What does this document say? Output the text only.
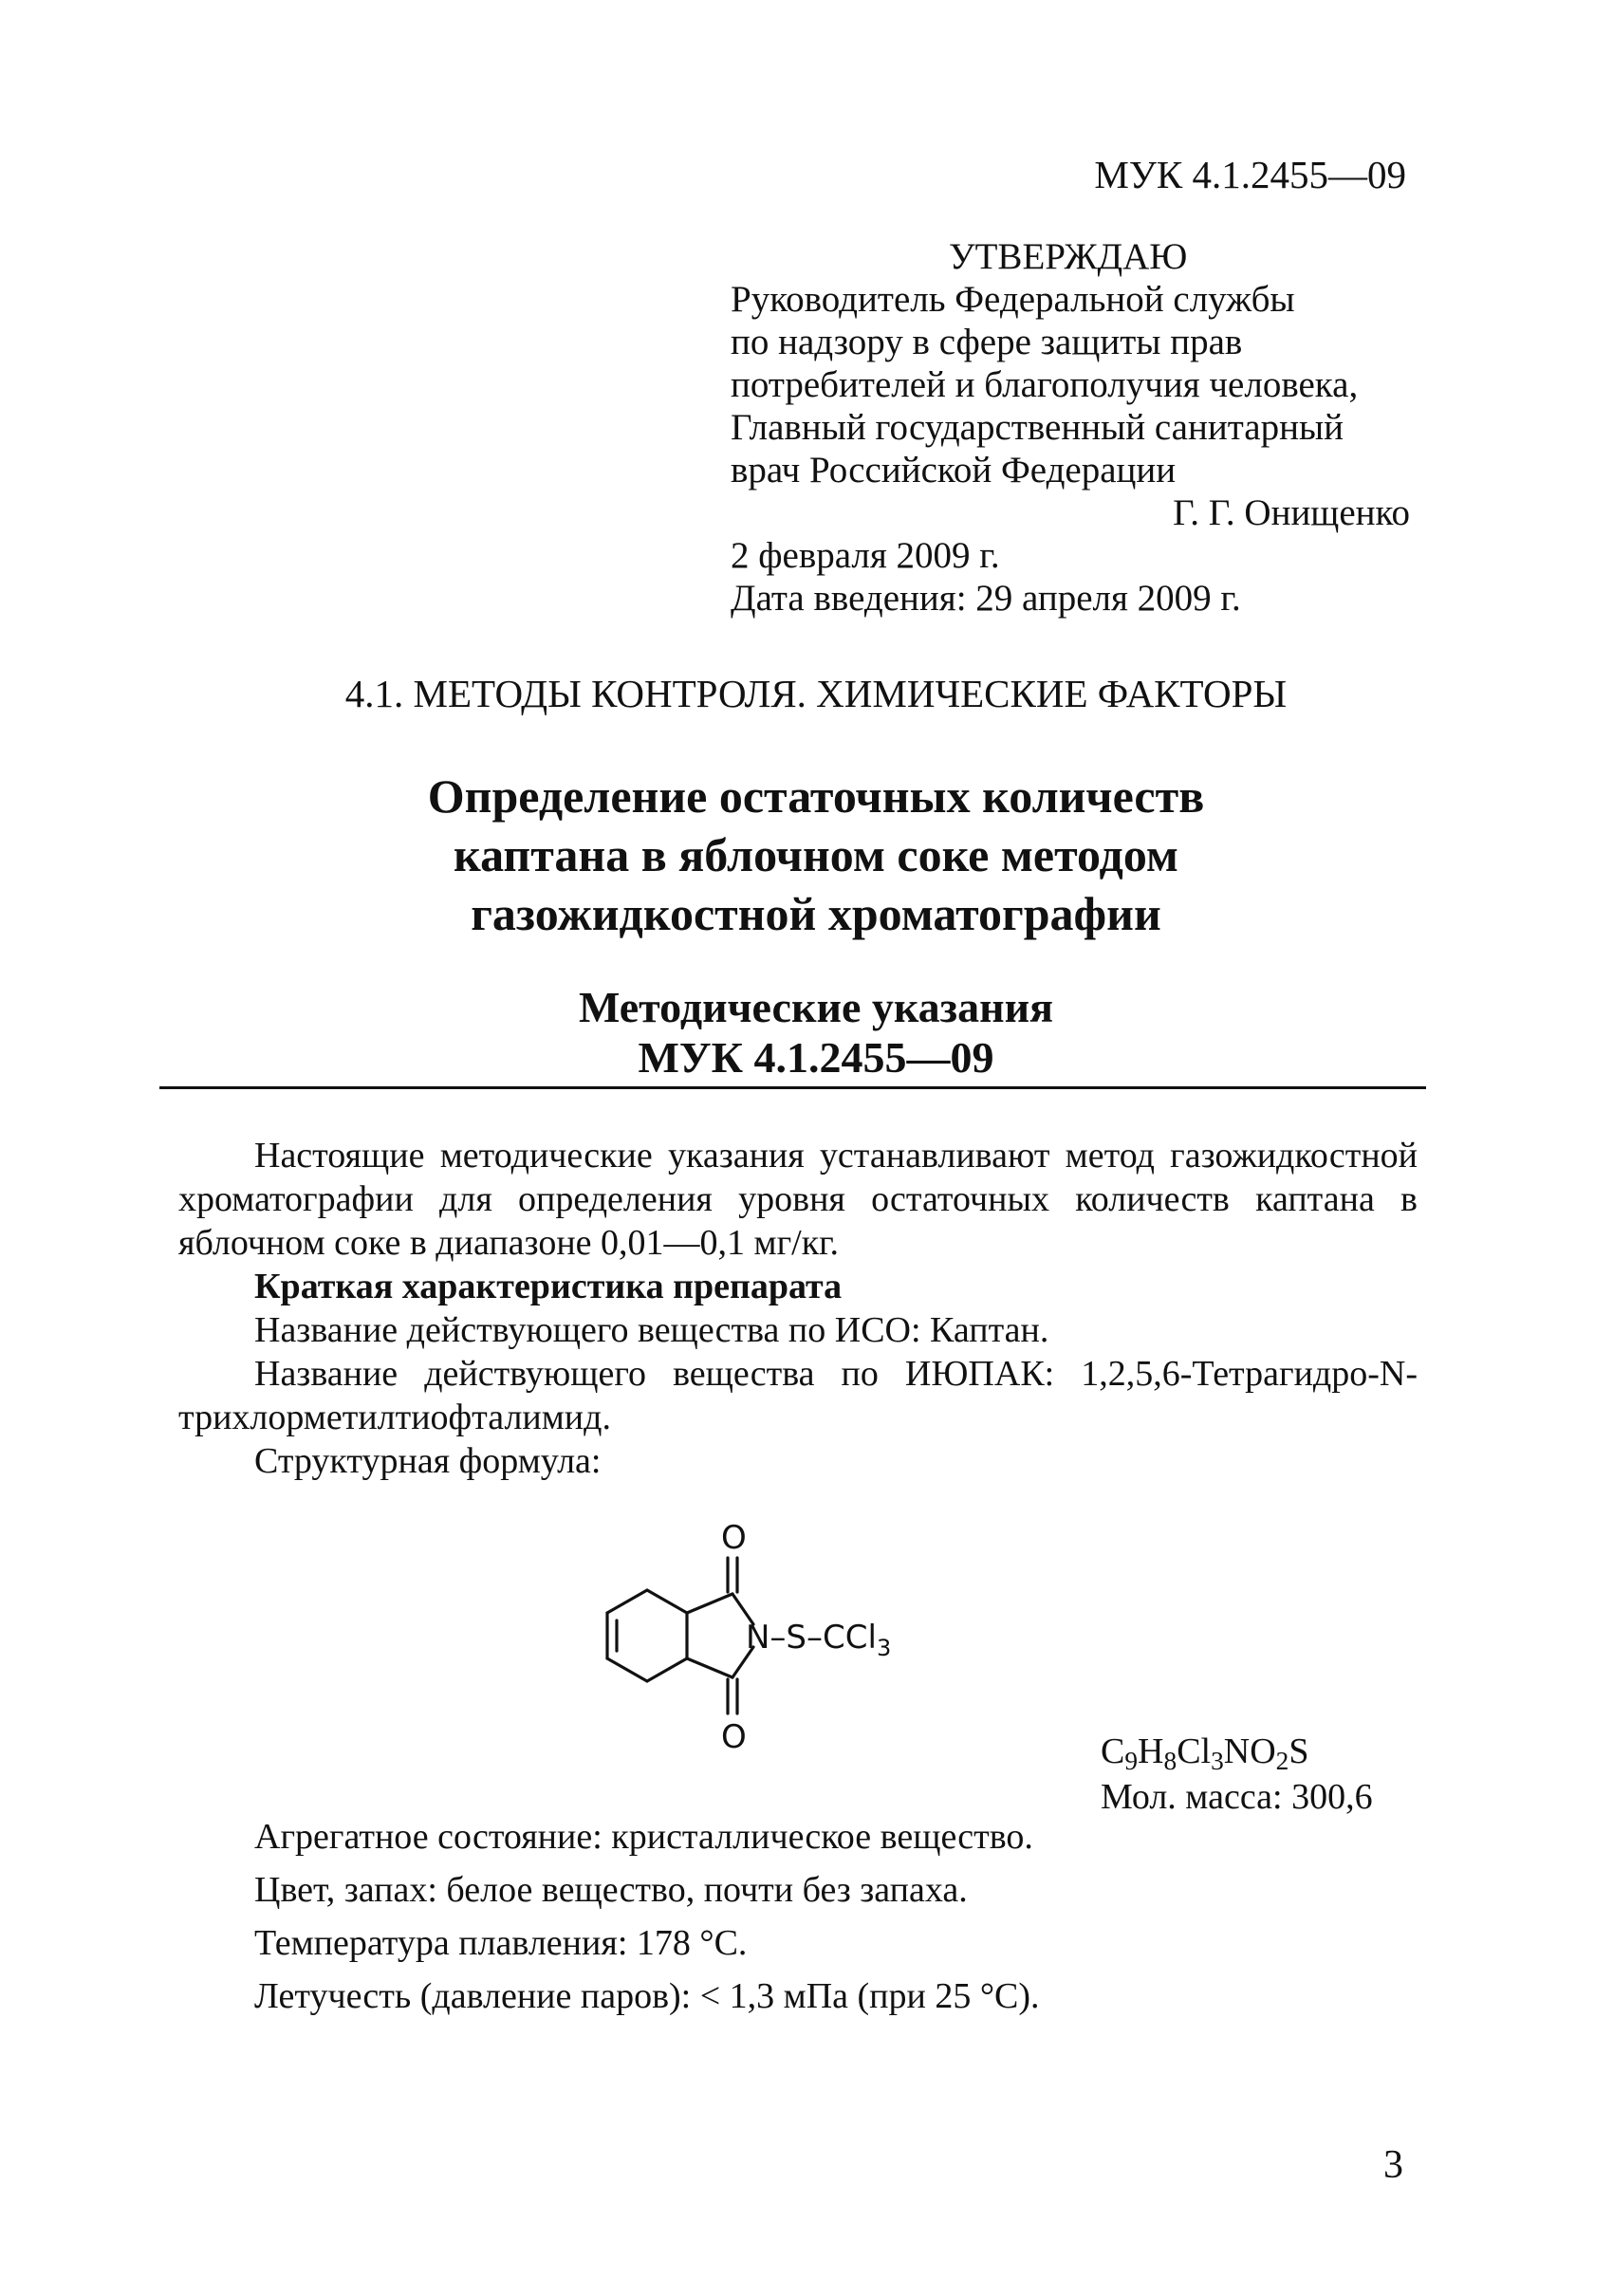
МУК 4.1.2455—09
УТВЕРЖДАЮ
Руководитель Федеральной службы
по надзору в сфере защиты прав
потребителей и благополучия человека,
Главный государственный санитарный
врач Российской Федерации
Г. Г. Онищенко
2 февраля 2009 г.
Дата введения: 29 апреля 2009 г.
4.1. МЕТОДЫ КОНТРОЛЯ. ХИМИЧЕСКИЕ ФАКТОРЫ
Определение остаточных количеств
каптана в яблочном соке методом
газожидкостной хроматографии
Методические указания
МУК 4.1.2455—09

Настоящие методические указания устанавливают метод газожидкостной хроматографии для определения уровня остаточных количеств каптана в яблочном соке в диапазоне 0,01—0,1 мг/кг.

Краткая характеристика препарата

Название действующего вещества по ИСО: Каптан.

Название действующего вещества по ИЮПАК: 1,2,5,6-Тетрагидро-N-трихлорметилтиофталимид.

Структурная формула:

O
O
N–S–CCl$_3$
$C_9H_8Cl_3NO_2S$
Мол. масса: 300,6
Агрегатное состояние: кристаллическое вещество.
Цвет, запах: белое вещество, почти без запаха.
Температура плавления: 178 °С.
Летучесть (давление паров): < 1,3 мПа (при 25 °С).
3
